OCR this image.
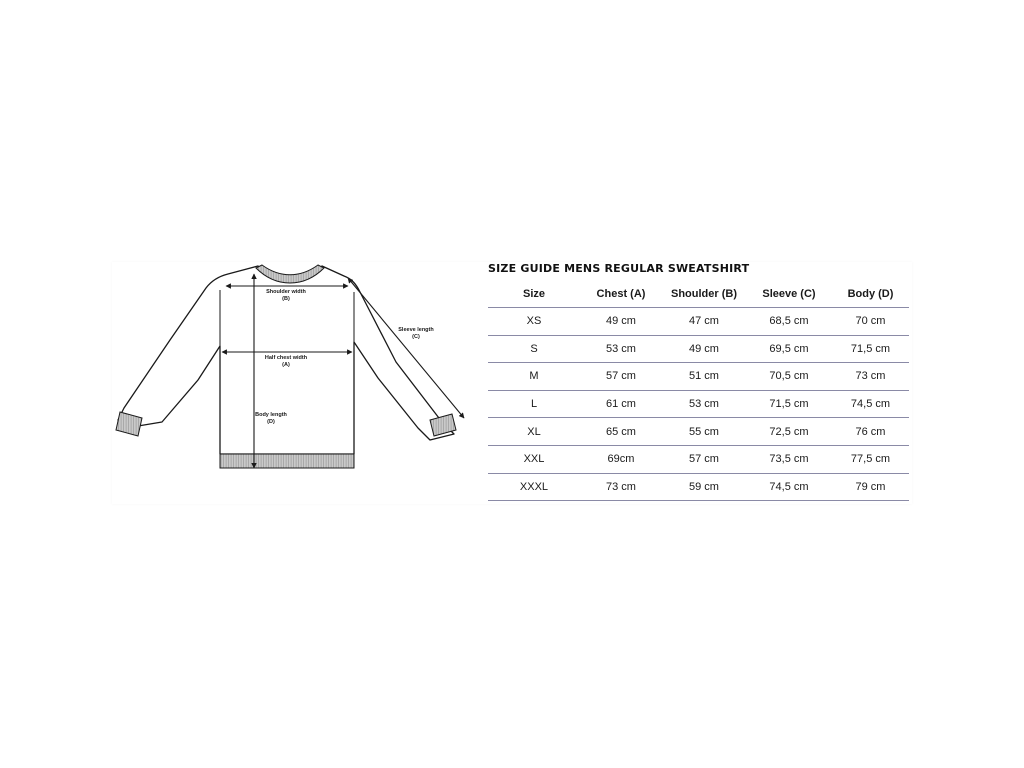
Shoulder width
(B)
Half chest width
(A)
Body length
(D)
Sleeve length
(C)
SIZE GUIDE MENS REGULAR SWEATSHIRT
Size	Chest (A)	Shoulder (B)	Sleeve (C)	Body (D)
XS	49 cm	47 cm	68,5 cm	70 cm
S	53 cm	49 cm	69,5 cm	71,5 cm
M	57 cm	51 cm	70,5 cm	73 cm
L	61 cm	53 cm	71,5 cm	74,5 cm
XL	65 cm	55 cm	72,5 cm	76 cm
XXL	69cm	57 cm	73,5 cm	77,5 cm
XXXL	73 cm	59 cm	74,5 cm	79 cm
